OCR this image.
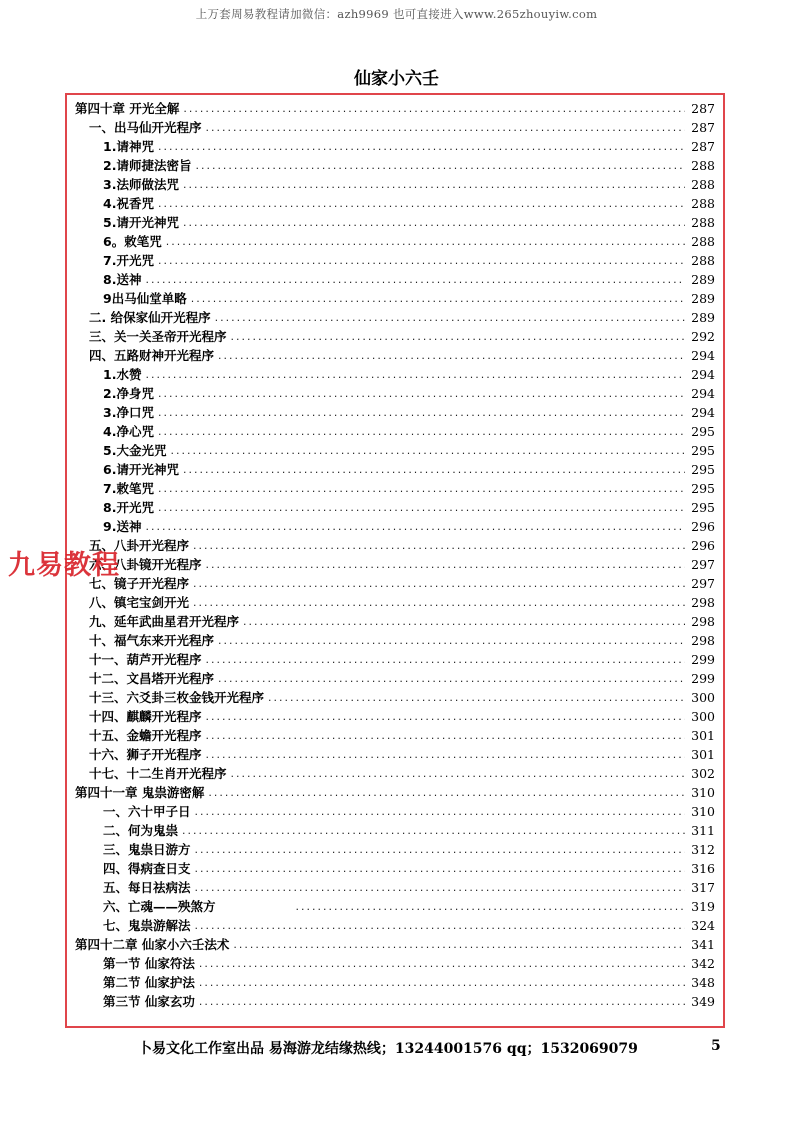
上万套周易教程请加微信：azh9969 也可直接进入www.265zhouyiw.com
仙家小六壬
第四十章 开光全解 .....	287
一、出马仙开光程序 .....	287
1.请神咒 .....	287
2.请师捷法密旨 .....	288
3.法师做法咒 .....	288
4.祝香咒 .....	288
5.请开光神咒 .....	288
6。敕笔咒 .....	288
7.开光咒 .....	288
8.送神 .....	289
9出马仙堂单略 .....	289
二. 给保家仙开光程序 .....	289
三、关一关圣帝开光程序 .....	292
四、五路财神开光程序 .....	294
1.水赞 .....	294
2.净身咒 .....	294
3.净口咒 .....	294
4.净心咒 .....	295
5.大金光咒 .....	295
6.请开光神咒 .....	295
7.敕笔咒 .....	295
8.开光咒 .....	295
9.送神 .....	296
五、八卦开光程序 .....	296
六、八卦镜开光程序 .....	297
七、镜子开光程序 .....	297
八、镇宅宝剑开光 .....	298
九、延年武曲星君开光程序 .....	298
十、福气东来开光程序 .....	298
十一、葫芦开光程序 .....	299
十二、文昌塔开光程序 .....	299
十三、六爻卦三枚金钱开光程序 .....	300
十四、麒麟开光程序 .....	300
十五、金蟾开光程序 .....	301
十六、狮子开光程序 .....	301
十七、十二生肖开光程序 .....	302
第四十一章 鬼祟游密解 .....	310
一、六十甲子日 .....	310
二、何为鬼祟 .....	311
三、鬼祟日游方 .....	312
四、得病查日支 .....	316
五、每日祛病法 .....	317
六、亡魂——殃煞方 .....	319
七、鬼祟游解法 .....	324
第四十二章 仙家小六壬法术 .....	341
第一节 仙家符法 .....	342
第二节 仙家护法 .....	348
第三节 仙家玄功 .....	349
九易教程
卜易文化工作室出品 易海游龙结缘热线；13244001576 qq；1532069079	5
